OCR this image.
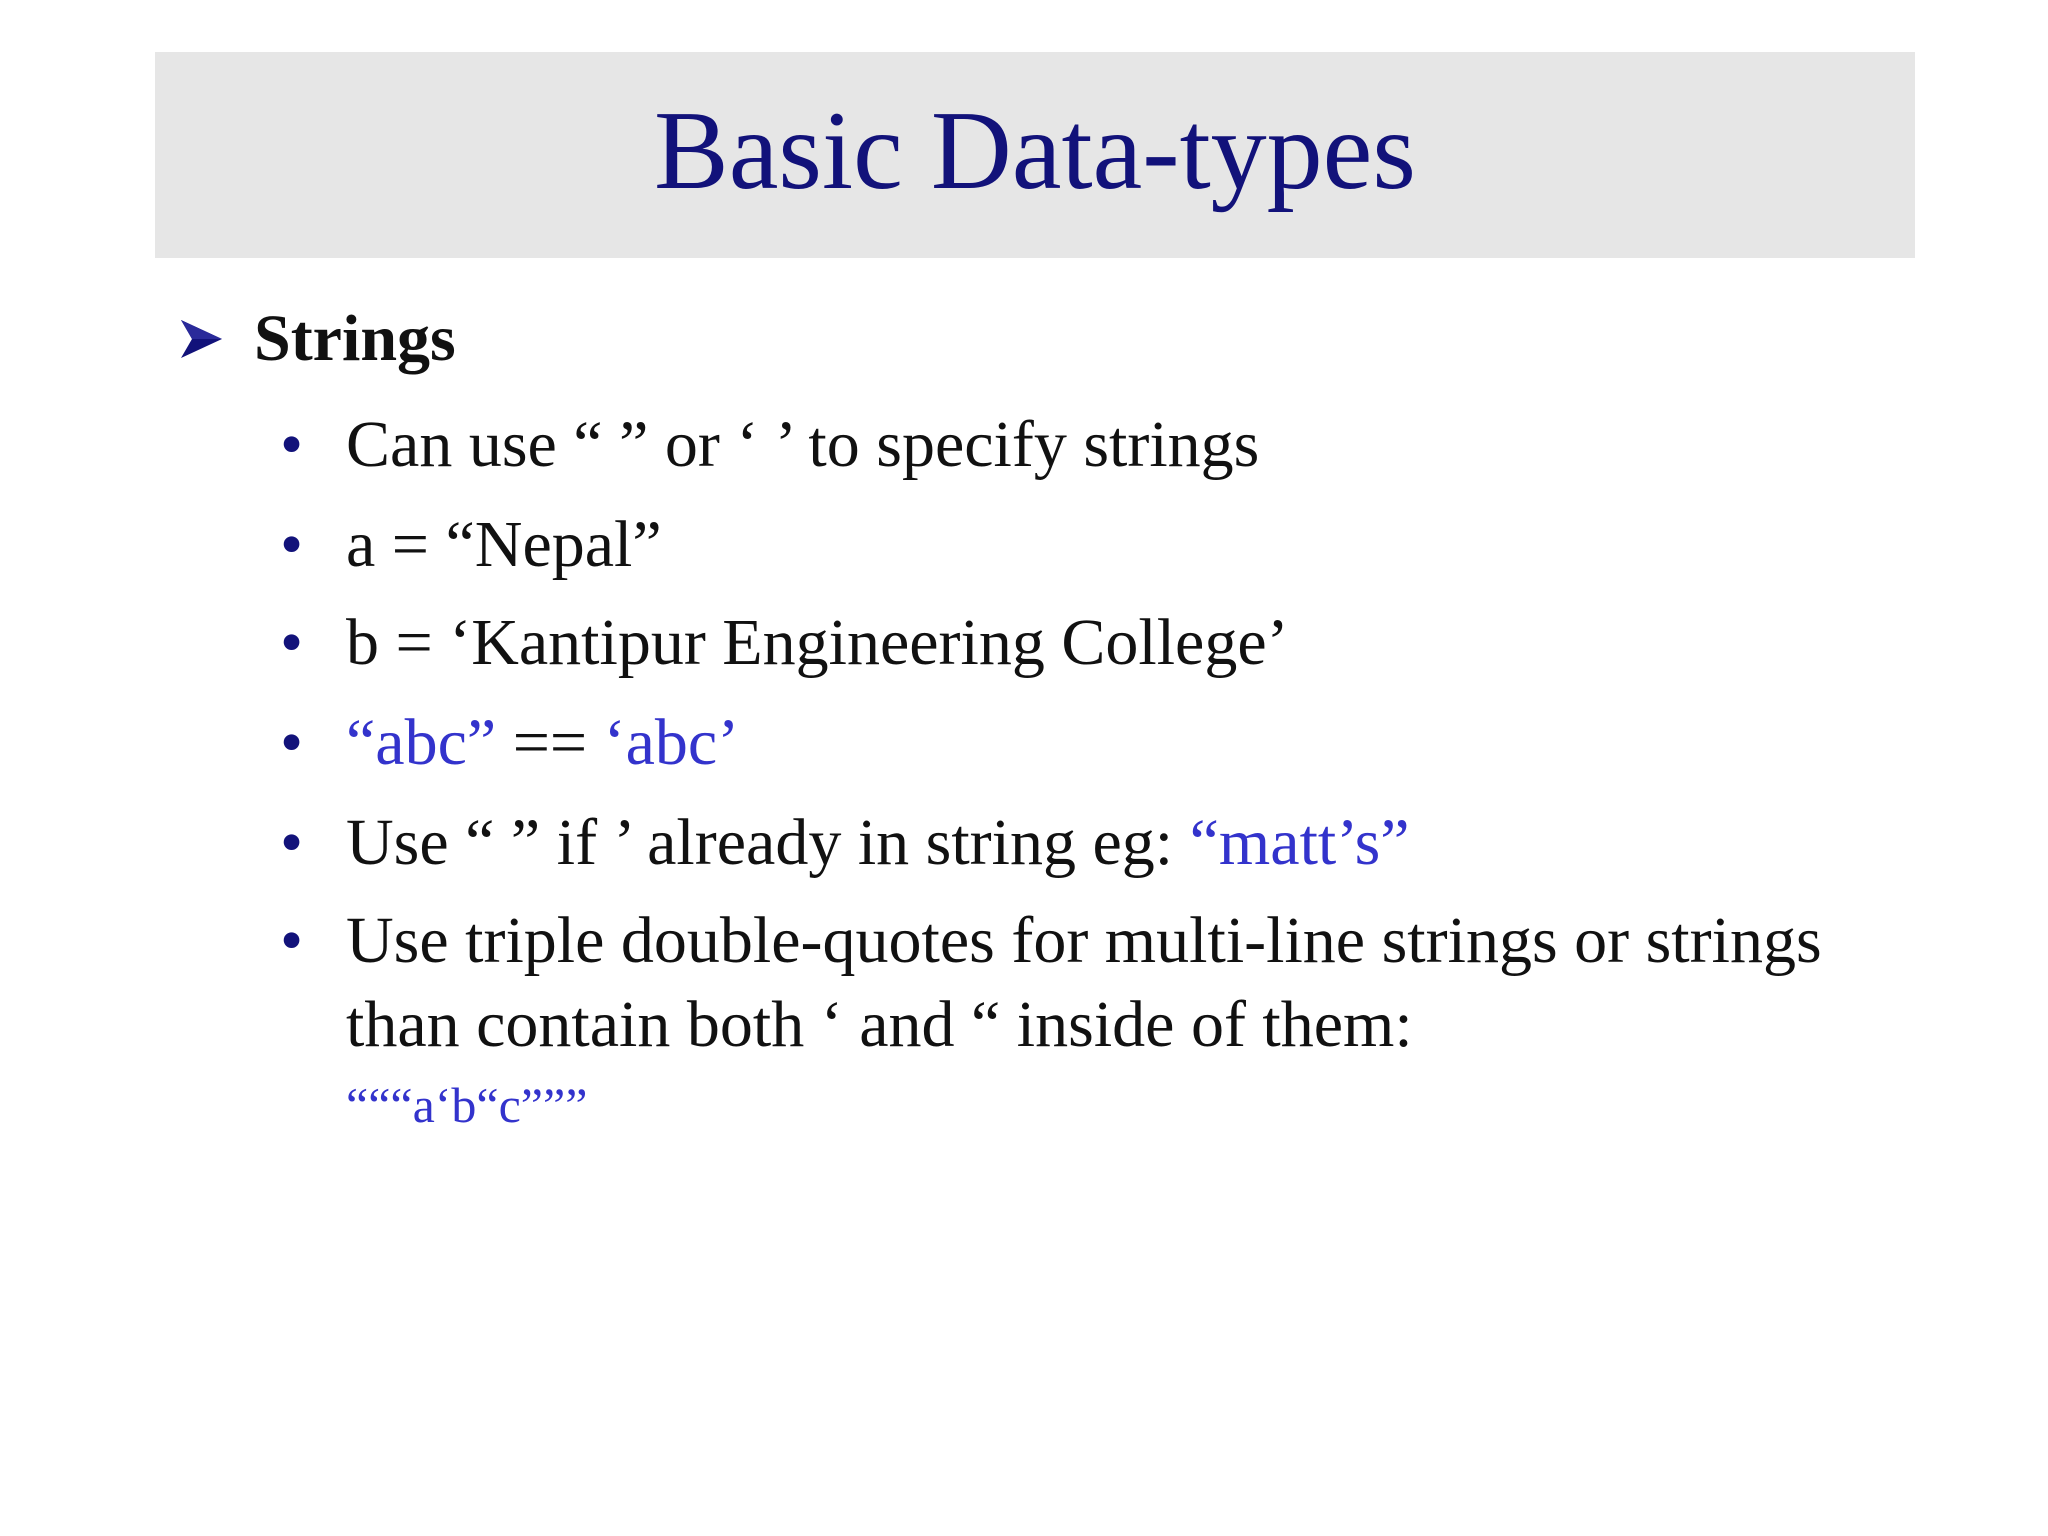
Basic Data-types
Strings
• Can use “ ” or ‘ ’ to specify strings
• a = “Nepal”
• b = ‘Kantipur Engineering College’
• “abc” == ‘abc’
• Use “ ” if ’ already in string eg: “matt’s”
• Use triple double-quotes for multi-line strings or strings
than contain both ‘ and “ inside of them:
“““a‘b“c”””
